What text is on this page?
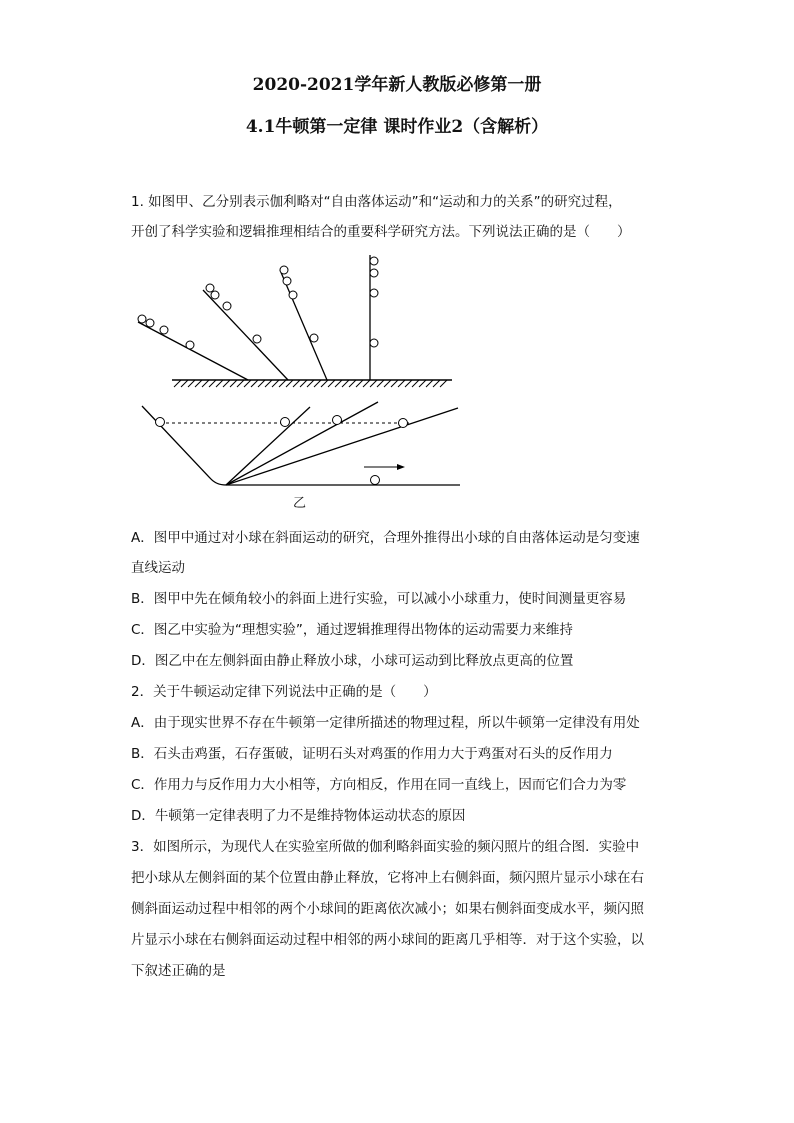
2020-2021学年新人教版必修第一册
4.1牛顿第一定律 课时作业2（含解析）
1. 如图甲、乙分别表示伽利略对“自由落体运动”和“运动和力的关系”的研究过程，
开创了科学实验和逻辑推理相结合的重要科学研究方法。下列说法正确的是（　　）
乙
A．图甲中通过对小球在斜面运动的研究，合理外推得出小球的自由落体运动是匀变速
直线运动
B．图甲中先在倾角较小的斜面上进行实验，可以减小小球重力，使时间测量更容易
C．图乙中实验为“理想实验”，通过逻辑推理得出物体的运动需要力来维持
D．图乙中在左侧斜面由静止释放小球，小球可运动到比释放点更高的位置
2．关于牛顿运动定律下列说法中正确的是（　　）
A．由于现实世界不存在牛顿第一定律所描述的物理过程，所以牛顿第一定律没有用处
B．石头击鸡蛋，石存蛋破，证明石头对鸡蛋的作用力大于鸡蛋对石头的反作用力
C．作用力与反作用力大小相等，方向相反，作用在同一直线上，因而它们合力为零
D．牛顿第一定律表明了力不是维持物体运动状态的原因
3．如图所示，为现代人在实验室所做的伽利略斜面实验的频闪照片的组合图．实验中
把小球从左侧斜面的某个位置由静止释放，它将冲上右侧斜面，频闪照片显示小球在右
侧斜面运动过程中相邻的两个小球间的距离依次减小；如果右侧斜面变成水平，频闪照
片显示小球在右侧斜面运动过程中相邻的两小球间的距离几乎相等．对于这个实验，以
下叙述正确的是
